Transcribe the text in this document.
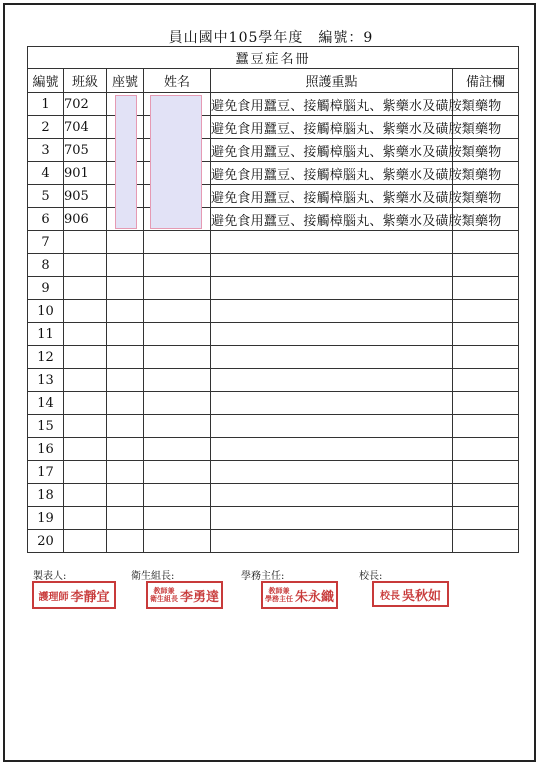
員山國中105學年度　編號：9
蠶豆症名冊					
編號	班級	座號	姓名	照護重點	備註欄
1	702			避免食用蠶豆、接觸樟腦丸、紫藥水及磺胺類藥物	
2	704			避免食用蠶豆、接觸樟腦丸、紫藥水及磺胺類藥物	
3	705			避免食用蠶豆、接觸樟腦丸、紫藥水及磺胺類藥物	
4	901			避免食用蠶豆、接觸樟腦丸、紫藥水及磺胺類藥物	
5	905			避免食用蠶豆、接觸樟腦丸、紫藥水及磺胺類藥物	
6	906			避免食用蠶豆、接觸樟腦丸、紫藥水及磺胺類藥物	
7					
8					
9					
10					
11					
12					
13					
14					
15					
16					
17					
18					
19					
20					
製表人:	衛生組長:	學務主任:	校長:
護理師 李靜宜	教師兼
衛生組長 李勇達	教師兼
學務主任 朱永織	校長 吳秋如
